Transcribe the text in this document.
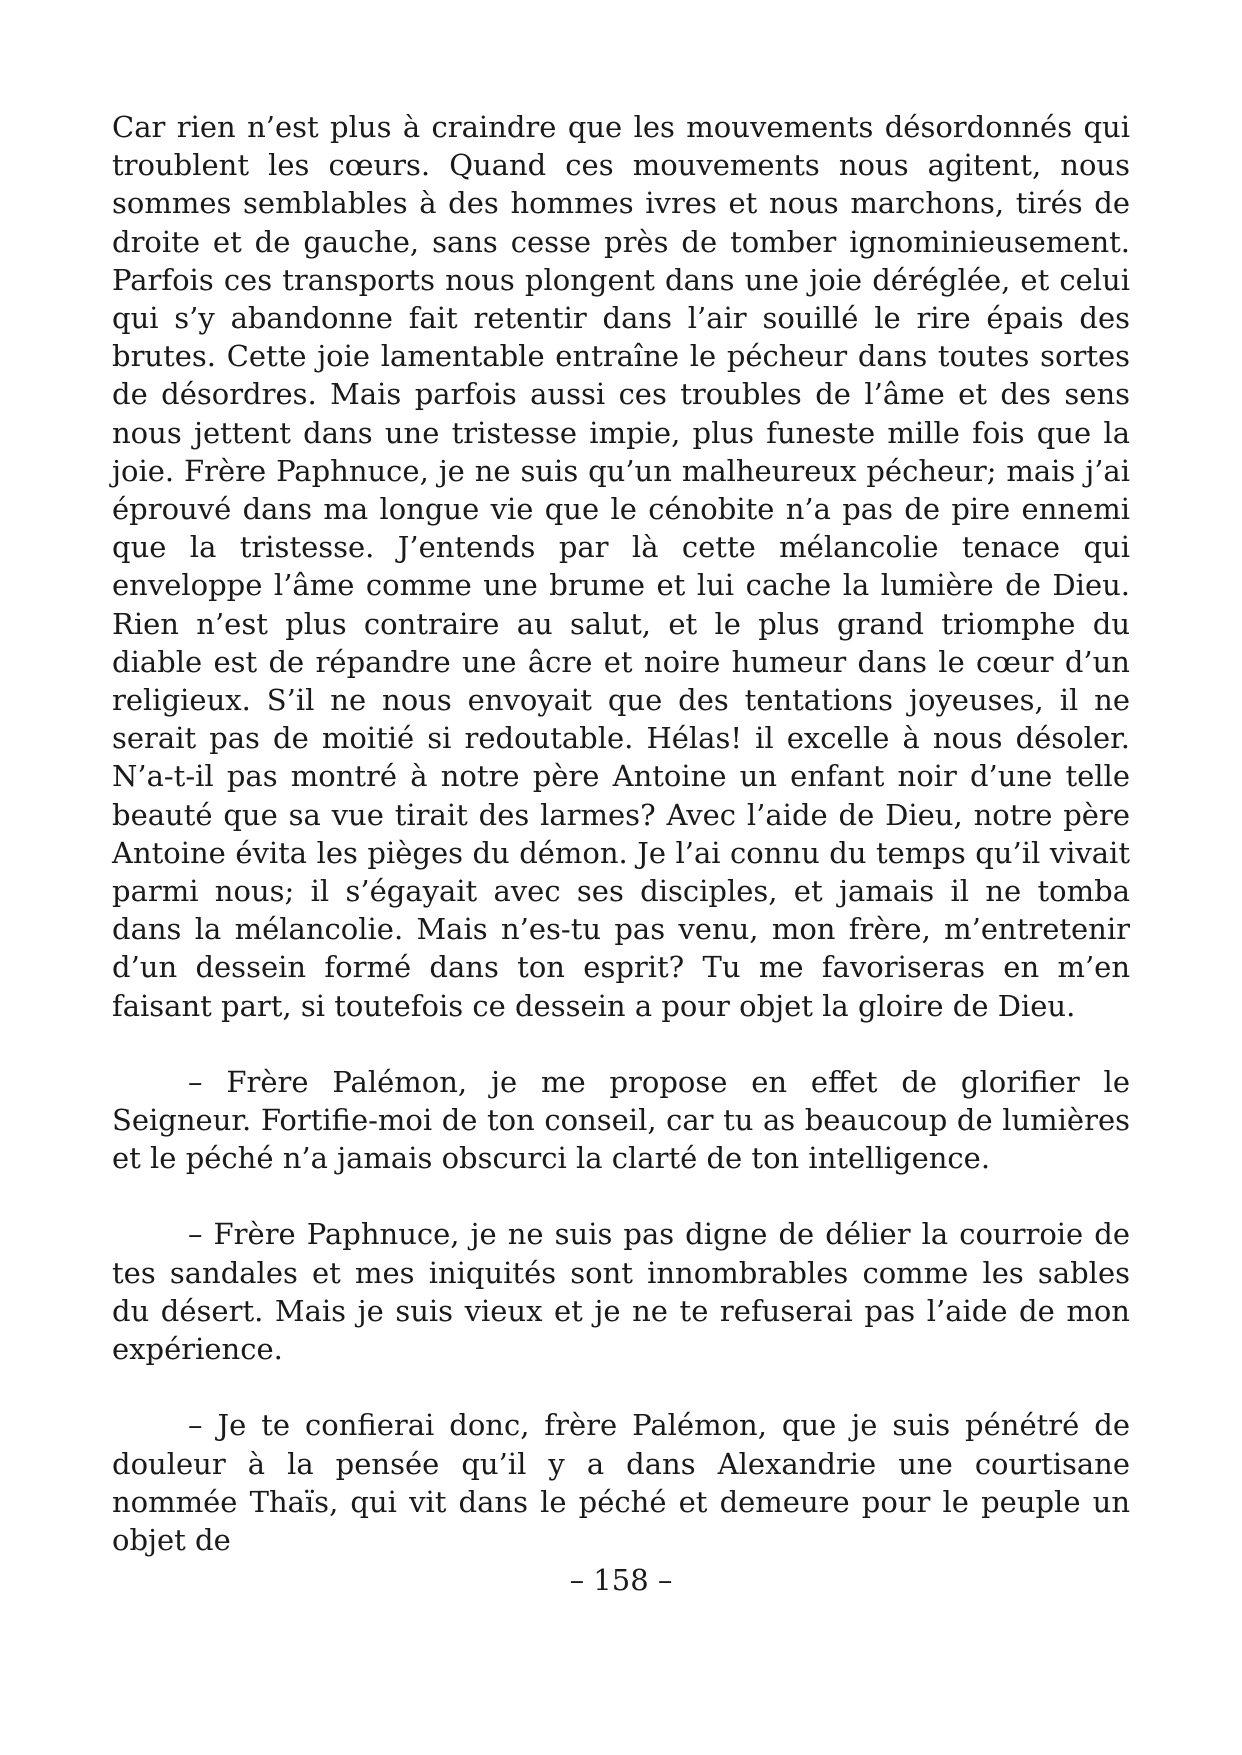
Car rien n’est plus à craindre que les mouvements désordonnés qui troublent les cœurs. Quand ces mouvements nous agitent, nous sommes semblables à des hommes ivres et nous marchons, tirés de droite et de gauche, sans cesse près de tomber ignominieusement. Parfois ces transports nous plongent dans une joie déréglée, et celui qui s’y abandonne fait retentir dans l’air souillé le rire épais des brutes. Cette joie lamentable entraîne le pécheur dans toutes sortes de désordres. Mais parfois aussi ces troubles de l’âme et des sens nous jettent dans une tristesse impie, plus funeste mille fois que la joie. Frère Paphnuce, je ne suis qu’un malheureux pécheur; mais j’ai éprouvé dans ma longue vie que le cénobite n’a pas de pire ennemi que la tristesse. J’entends par là cette mélancolie tenace qui enveloppe l’âme comme une brume et lui cache la lumière de Dieu. Rien n’est plus contraire au salut, et le plus grand triomphe du diable est de répandre une âcre et noire humeur dans le cœur d’un religieux. S’il ne nous envoyait que des tentations joyeuses, il ne serait pas de moitié si redoutable. Hélas! il excelle à nous désoler. N’a-t-il pas montré à notre père Antoine un enfant noir d’une telle beauté que sa vue tirait des larmes? Avec l’aide de Dieu, notre père Antoine évita les pièges du démon. Je l’ai connu du temps qu’il vivait parmi nous; il s’égayait avec ses disciples, et jamais il ne tomba dans la mélancolie. Mais n’es-tu pas venu, mon frère, m’entretenir d’un dessein formé dans ton esprit? Tu me favoriseras en m’en faisant part, si toutefois ce dessein a pour objet la gloire de Dieu.

– Frère Palémon, je me propose en effet de glorifier le Seigneur. Fortifie-moi de ton conseil, car tu as beaucoup de lumières et le péché n’a jamais obscurci la clarté de ton intelligence.

– Frère Paphnuce, je ne suis pas digne de délier la courroie de tes sandales et mes iniquités sont innombrables comme les sables du désert. Mais je suis vieux et je ne te refuserai pas l’aide de mon expérience.

– Je te confierai donc, frère Palémon, que je suis pénétré de douleur à la pensée qu’il y a dans Alexandrie une courtisane nommée Thaïs, qui vit dans le péché et demeure pour le peuple un objet de

– 158 –
